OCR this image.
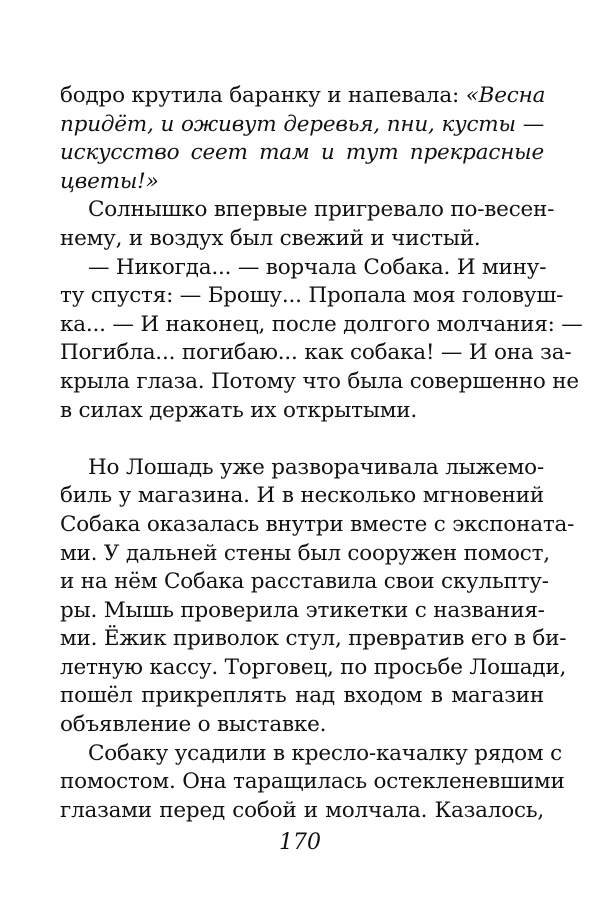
бодро крутила баранку и напевала: «Весна
придёт, и оживут деревья, пни, кусты —
искусство сеет там и тут прекрасные
цветы!»
Солнышко впервые пригревало по-весен-
нему, и воздух был свежий и чистый.
— Никогда... — ворчала Собака. И мину-
ту спустя: — Брошу... Пропала моя головуш-
ка... — И наконец, после долгого молчания: —
Погибла... погибаю... как собака! — И она за-
крыла глаза. Потому что была совершенно не
в силах держать их открытыми.
Но Лошадь уже разворачивала лыжемо-
биль у магазина. И в несколько мгновений
Собака оказалась внутри вместе с экспоната-
ми. У дальней стены был сооружен помост,
и на нём Собака расставила свои скульпту-
ры. Мышь проверила этикетки с названия-
ми. Ёжик приволок стул, превратив его в би-
летную кассу. Торговец, по просьбе Лошади,
пошёл прикреплять над входом в магазин
объявление о выставке.
Собаку усадили в кресло-качалку рядом с
помостом. Она таращилась остекленевшими
глазами перед собой и молчала. Казалось,
170
